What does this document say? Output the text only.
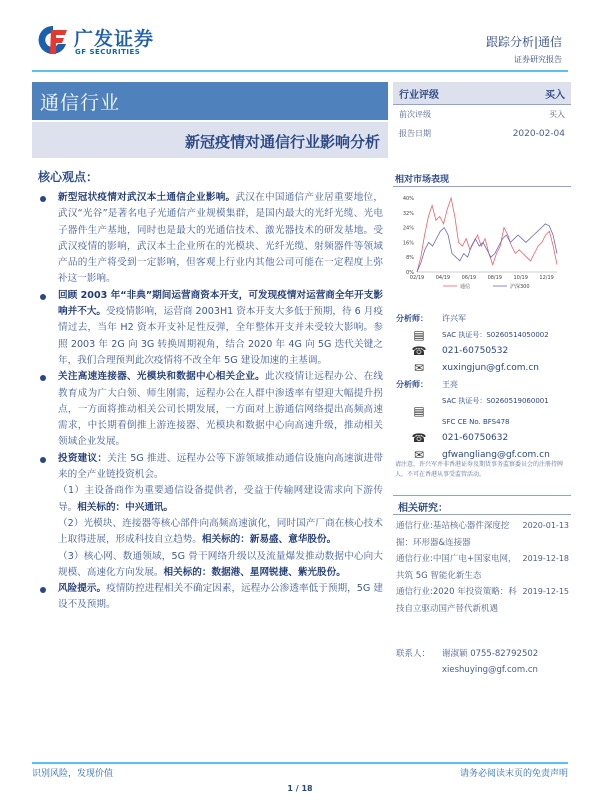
广发证券
GF SECURITIES
跟踪分析|通信
证券研究报告
通信行业
新冠疫情对通信行业影响分析
行业评级	买入
前次评级	买入
报告日期	2020-02-04
核心观点：
新型冠状疫情对武汉本土通信企业影响。武汉在中国通信产业居重要地位，武汉“光谷”是著名电子光通信产业规模集群，是国内最大的光纤光缆、光电子器件生产基地，同时也是最大的光通信技术、激光器技术的研发基地。受武汉疫情的影响，武汉本土企业所在的光模块、光纤光缆、射频器件等领域产品的生产将受到一定影响，但客观上行业内其他公司可能在一定程度上弥补这一影响。
回顾 2003 年“非典”期间运营商资本开支，可发现疫情对运营商全年开支影响并不大。受疫情影响，运营商 2003H1 资本开支大多低于预期，待 6 月疫情过去，当年 H2 资本开支补足性反弹，全年整体开支并未受较大影响。参照 2003 年 2G 向 3G 转换周期视角，结合 2020 年 4G 向 5G 迭代关键之年，我们合理预判此次疫情将不改全年 5G 建设加速的主基调。
关注高速连接器、光模块和数据中心相关企业。此次疫情让远程办公、在线教育成为广大白领、师生刚需，远程办公在人群中渗透率有望迎大幅提升拐点，一方面将推动相关公司长期发展，一方面对上游通信网络提出高频高速需求，中长期看倒推上游连接器、光模块和数据中心向高速升级，推动相关领域企业发展。
投资建议：关注 5G 推进、远程办公等下游领域推动通信设施向高速演进带来的全产业链投资机会。
（1）主设备商作为重要通信设备提供者，受益于传输网建设需求向下游传导。相关标的：中兴通讯。
（2）光模块、连接器等核心部件向高频高速演化，同时国产厂商在核心技术上取得进展，形成科技自立趋势。相关标的：新易盛、意华股份。
（3）核心网、数通领域，5G 骨干网络升级以及流量爆发推动数据中心向大规模、高速化方向发展。相关标的：数据港、星网锐捷、紫光股份。
风险提示。疫情防控进程相关不确定因素，远程办公渗透率低于预期，5G 建设不及预期。
相对市场表现
40%
32%
24%
16%
8%
0%
02/19 04/19 06/19 08/19 10/19 12/19
通信	沪深300
分析师：	许兴军
▤	SAC 执证号：S0260514050002
☎	021-60750532
✉	xuxingjun@gf.com.cn
分析师：	王亮
SAC 执证号：S0260519060001
▤
SFC CE No. BFS478
☎	021-60750632
✉	gfwangliang@gf.com.cn
请注意，许兴军并非香港证券及期货事务监察委员会的注册持牌人，不可在香港从事受监管活动。
相关研究：
通信行业:基站核心器件深度挖掘：环形器&连接器
2020-01-13
通信行业:中国广电+国家电网，共筑 5G 智能化新生态
2019-12-18
通信行业:2020 年投资策略：科技自立驱动国产替代新机遇
2019-12-15
联系人： 谢淑颖 0755-82792502
xieshuying@gf.com.cn
识别风险，发现价值	请务必阅读末页的免责声明
1 / 18
